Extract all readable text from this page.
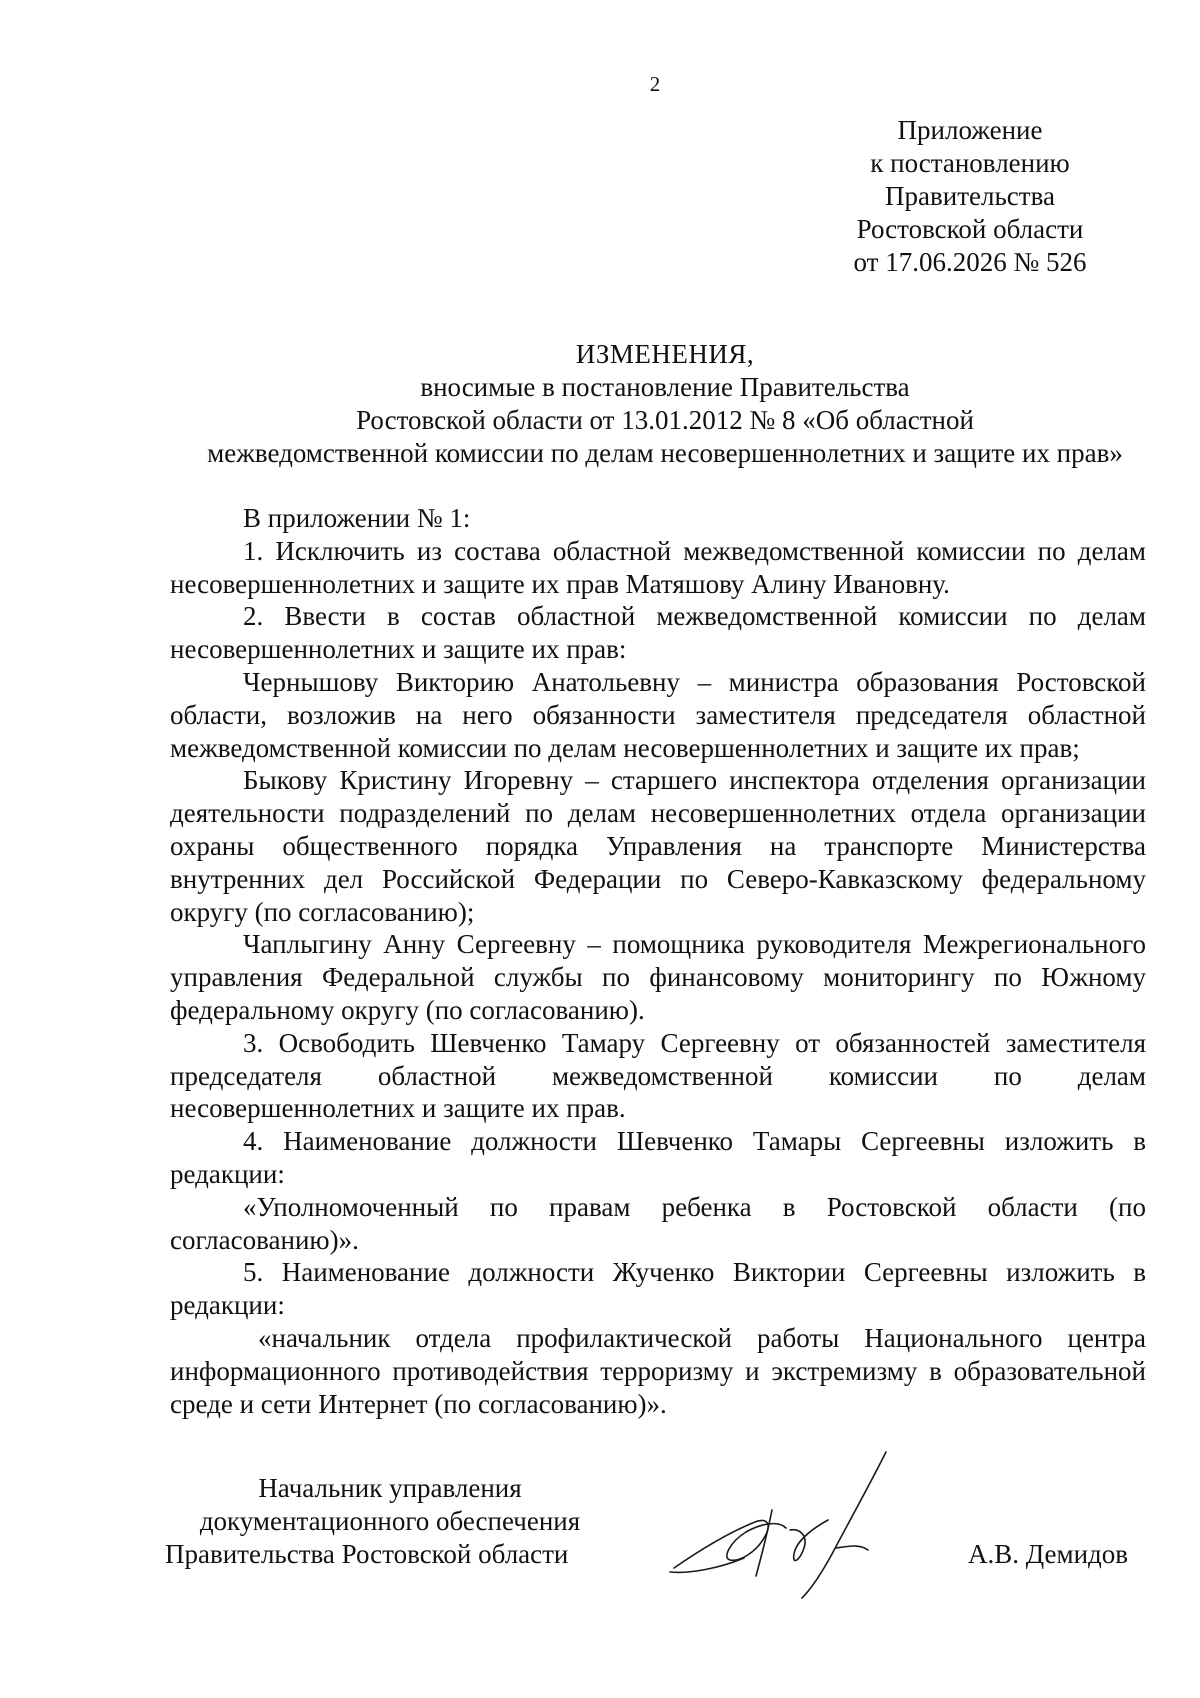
2
Приложение
к постановлению
Правительства
Ростовской области
от 17.06.2026 № 526
ИЗМЕНЕНИЯ,
вносимые в постановление Правительства
Ростовской области от 13.01.2012 № 8 «Об областной
межведомственной комиссии по делам несовершеннолетних и защите их прав»

В приложении № 1:

1. Исключить из состава областной межведомственной комиссии по делам несовершеннолетних и защите их прав Матяшову Алину Ивановну.

2. Ввести в состав областной межведомственной комиссии по делам несовершеннолетних и защите их прав:

Чернышову Викторию Анатольевну – министра образования Ростовской области, возложив на него обязанности заместителя председателя областной межведомственной комиссии по делам несовершеннолетних и защите их прав;

Быкову Кристину Игоревну – старшего инспектора отделения организации деятельности подразделений по делам несовершеннолетних отдела организации охраны общественного порядка Управления на транспорте Министерства внутренних дел Российской Федерации по Северо-Кавказскому федеральному округу (по согласованию);

Чаплыгину Анну Сергеевну – помощника руководителя Межрегионального управления Федеральной службы по финансовому мониторингу по Южному федеральному округу (по согласованию).

3. Освободить Шевченко Тамару Сергеевну от обязанностей заместителя председателя областной межведомственной комиссии по делам несовершеннолетних и защите их прав.

4. Наименование должности Шевченко Тамары Сергеевны изложить в редакции:

«Уполномоченный по правам ребенка в Ростовской области (по согласованию)».

5. Наименование должности Жученко Виктории Сергеевны изложить в редакции:

«начальник отдела профилактической работы Национального центра информационного противодействия терроризму и экстремизму в образовательной среде и сети Интернет (по согласованию)».

Начальник управления
документационного обеспечения
Правительства Ростовской области	А.В. Демидов
